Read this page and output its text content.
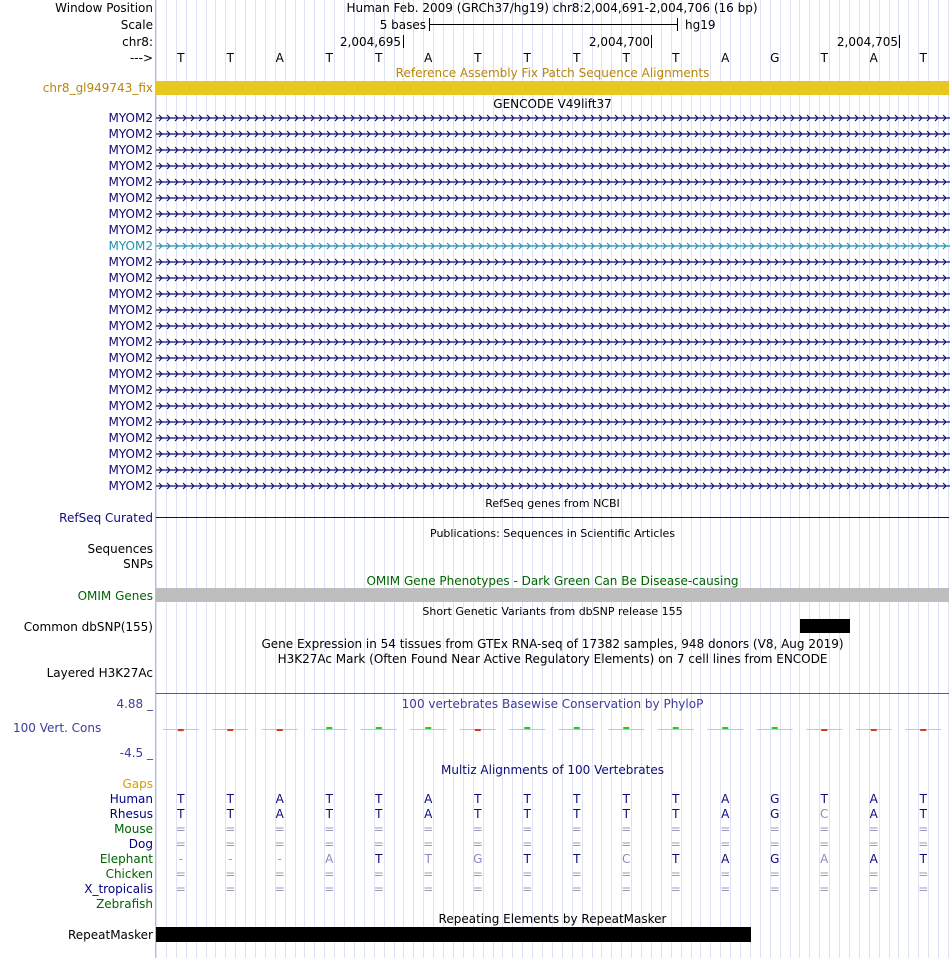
Window Position
Scale
chr8:
--->
Human Feb. 2009 (GRCh37/hg19) chr8:2,004,691-2,004,706 (16 bp)
5 bases	hg19
2,004,695	2,004,700	2,004,705
T	T	A	T	T	A	T	T	T	T	T	A	G	T	A	T
Reference Assembly Fix Patch Sequence Alignments
chr8_gl949743_fix
GENCODE V49lift37
MYOM2
MYOM2
MYOM2
MYOM2
MYOM2
MYOM2
MYOM2
MYOM2
MYOM2
MYOM2
MYOM2
MYOM2
MYOM2
MYOM2
MYOM2
MYOM2
MYOM2
MYOM2
MYOM2
MYOM2
MYOM2
MYOM2
MYOM2
MYOM2
RefSeq genes from NCBI
RefSeq Curated
Publications: Sequences in Scientific Articles
Sequences
SNPs
OMIM Gene Phenotypes - Dark Green Can Be Disease-causing
OMIM Genes
Short Genetic Variants from dbSNP release 155
Common dbSNP(155)
Gene Expression in 54 tissues from GTEx RNA-seq of 17382 samples, 948 donors (V8, Aug 2019)
H3K27Ac Mark (Often Found Near Active Regulatory Elements) on 7 cell lines from ENCODE
Layered H3K27Ac
4.88 _	100 vertebrates Basewise Conservation by PhyloP
100 Vert. Cons
-4.5 _
Multiz Alignments of 100 Vertebrates
Gaps
Human	T	T	A	T	T	A	T	T	T	T	T	A	G	T	A	T
Rhesus	T	T	A	T	T	A	T	T	T	T	T	A	G	C	A	T
Mouse	=	=	=	=	=	=	=	=	=	=	=	=	=	=	=	=
Dog	=	=	=	=	=	=	=	=	=	=	=	=	=	=	=	=
Elephant	-	-	-	A	T	T	G	T	T	C	T	A	G	A	A	T
Chicken	=	=	=	=	=	=	=	=	=	=	=	=	=	=	=	=
X_tropicalis	=	=	=	=	=	=	=	=	=	=	=	=	=	=	=	=
Zebrafish
Repeating Elements by RepeatMasker
RepeatMasker
